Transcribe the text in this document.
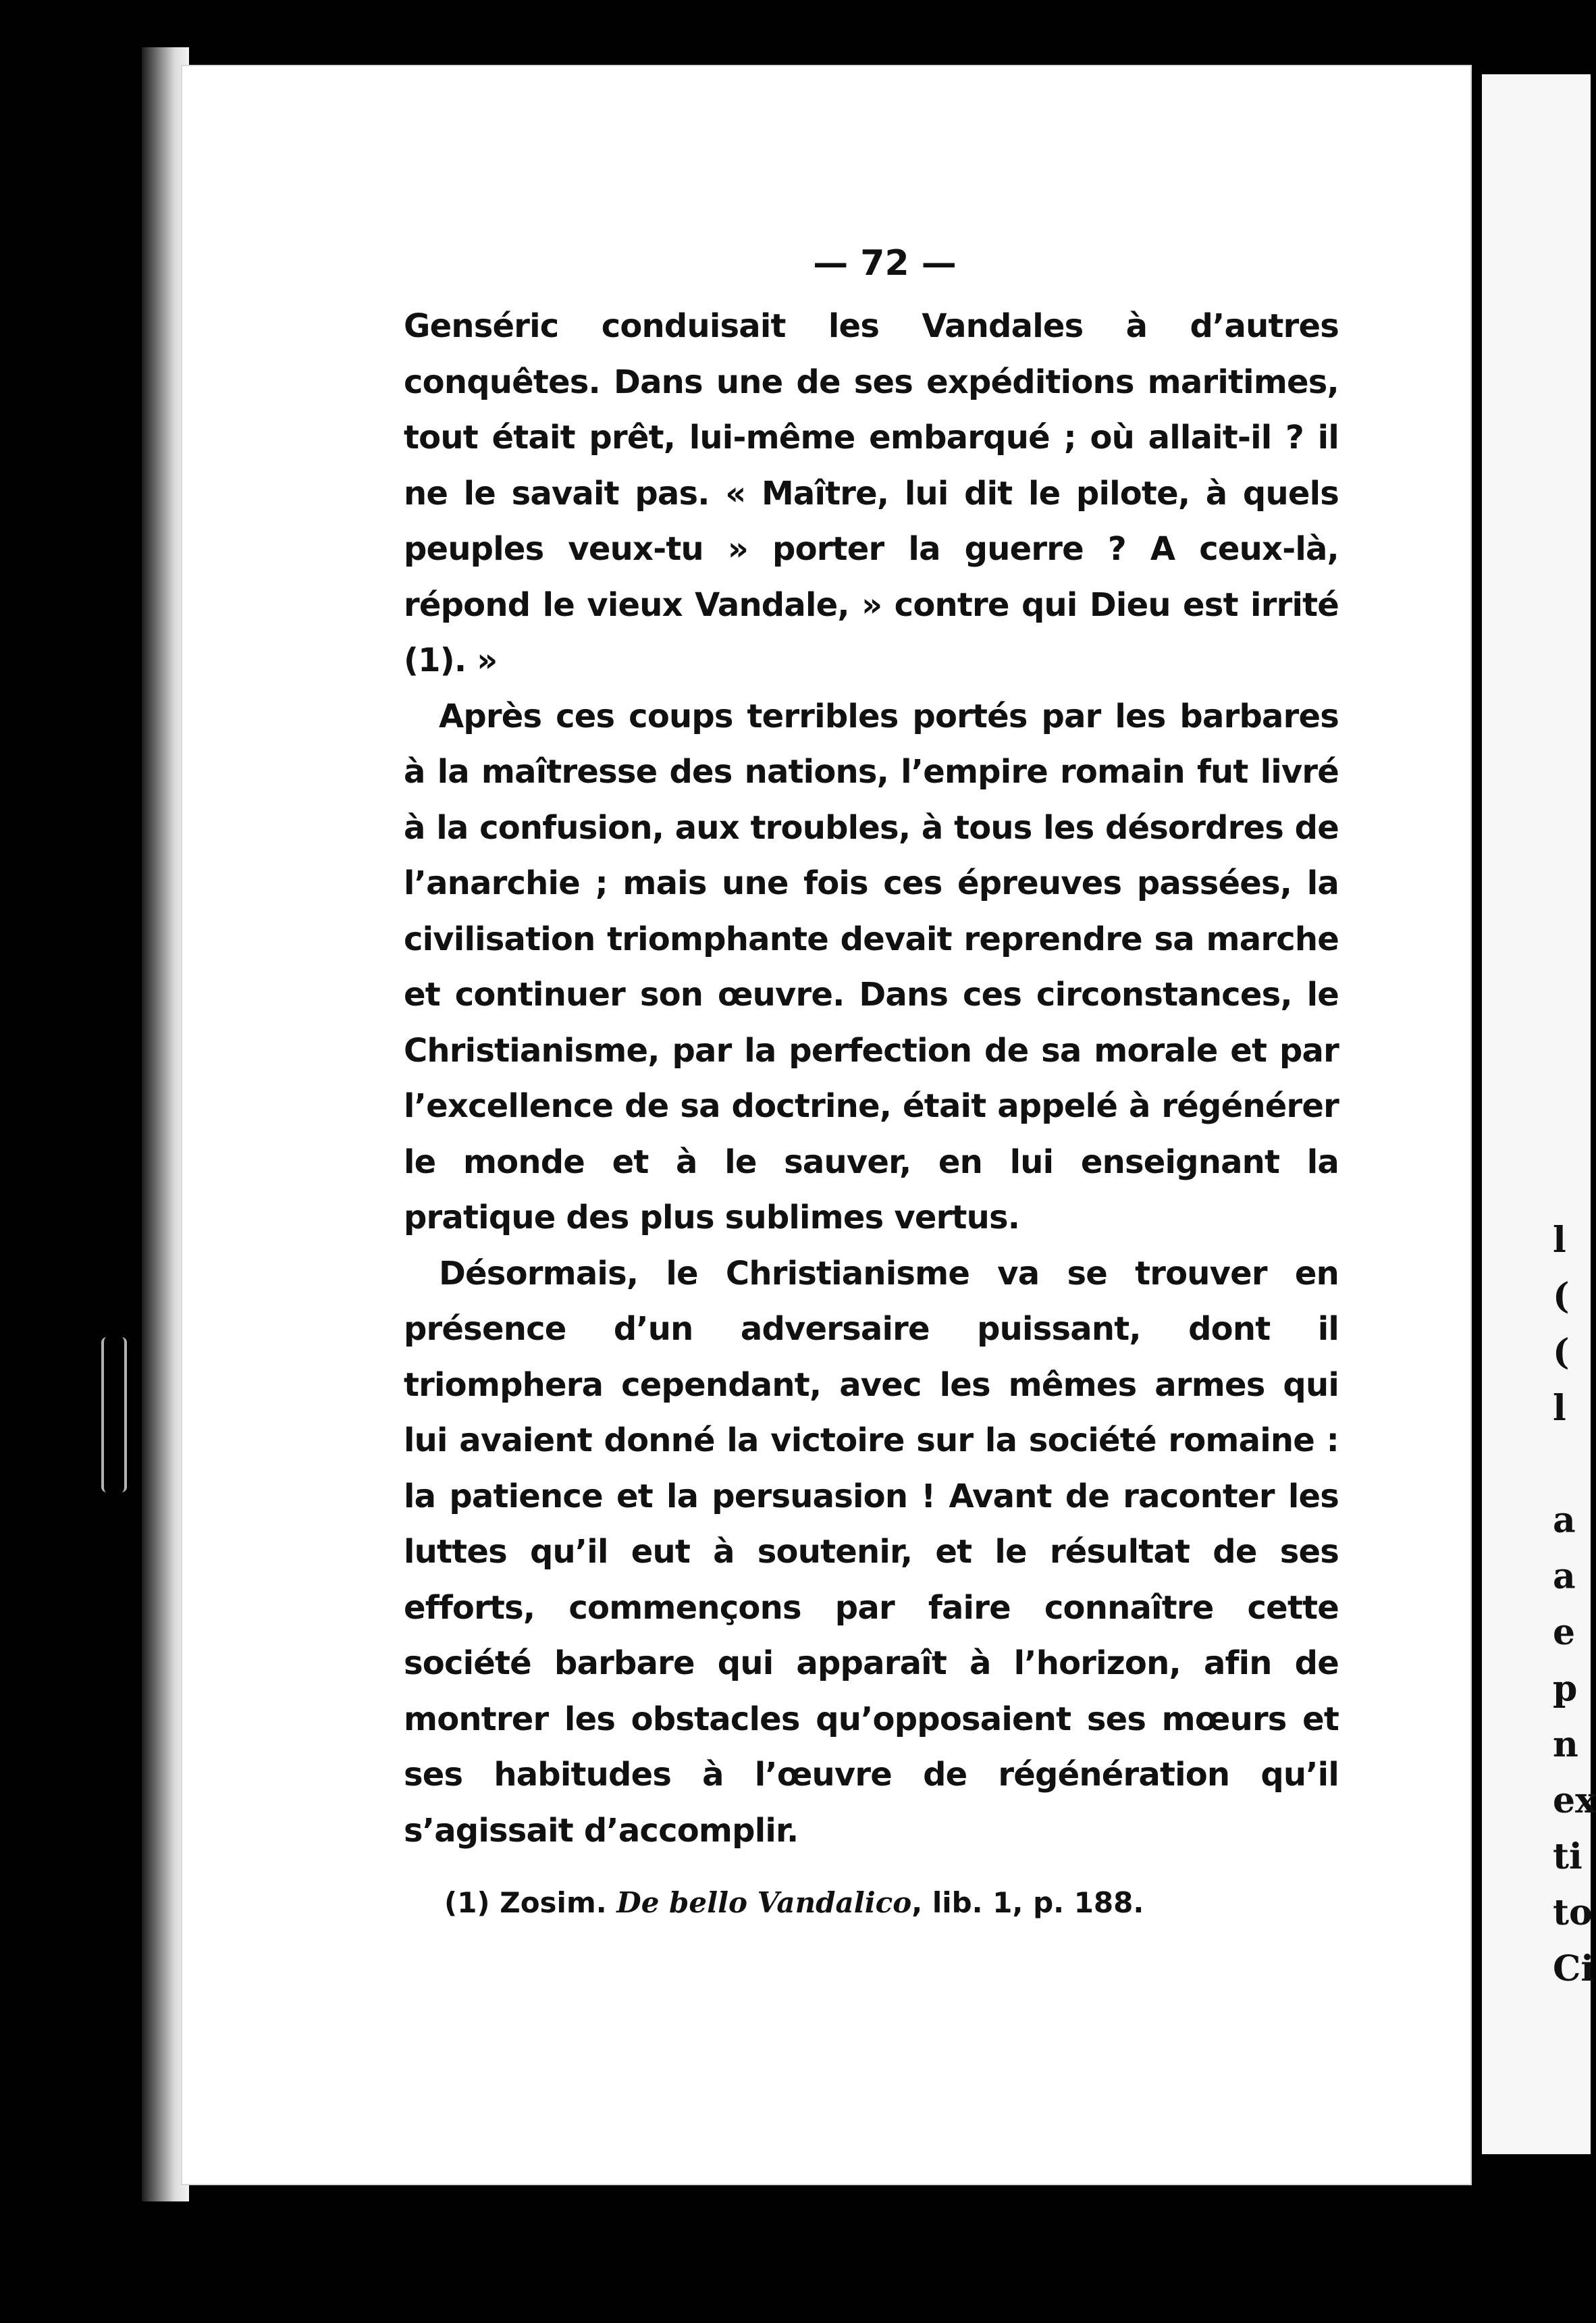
l
(
(
l

a
a
e
p
n
ex
ti
to
Ci
— 72 —

Genséric conduisait les Vandales à d’autres conquêtes. Dans une de ses expéditions maritimes, tout était prêt, lui-même embarqué ; où allait-il ? il ne le savait pas. « Maître, lui dit le pilote, à quels peuples veux-tu » porter la guerre ? A ceux-là, répond le vieux Vandale, » contre qui Dieu est irrité (1). »

Après ces coups terribles portés par les barbares à la maîtresse des nations, l’empire romain fut livré à la confusion, aux troubles, à tous les désordres de l’anarchie ; mais une fois ces épreuves passées, la civilisation triomphante devait reprendre sa marche et continuer son œuvre. Dans ces circonstances, le Christianisme, par la perfection de sa morale et par l’excellence de sa doctrine, était appelé à régénérer le monde et à le sauver, en lui enseignant la pratique des plus sublimes vertus.

Désormais, le Christianisme va se trouver en présence d’un adversaire puissant, dont il triomphera cependant, avec les mêmes armes qui lui avaient donné la victoire sur la société romaine : la patience et la persuasion ! Avant de raconter les luttes qu’il eut à soutenir, et le résultat de ses efforts, commençons par faire connaître cette société barbare qui apparaît à l’horizon, afin de montrer les obstacles qu’opposaient ses mœurs et ses habitudes à l’œuvre de régénération qu’il s’agissait d’accomplir.

(1) Zosim. De bello Vandalico, lib. 1, p. 188.
